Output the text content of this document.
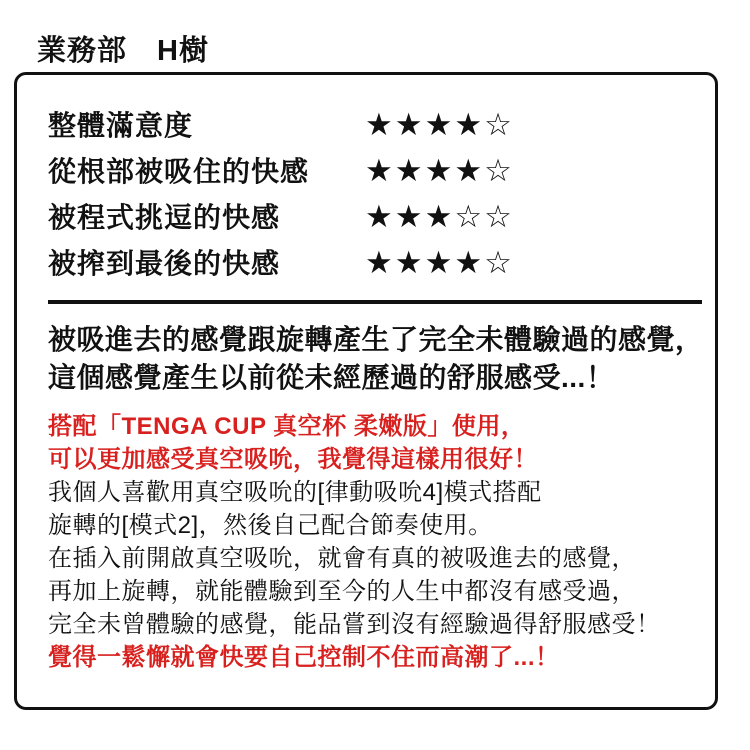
業務部　H樹
整體滿意度	★★★★☆
從根部被吸住的快感	★★★★☆
被程式挑逗的快感	★★★☆☆
被搾到最後的快感	★★★★☆
被吸進去的感覺跟旋轉產生了完全未體驗過的感覺，
這個感覺產生以前從未經歷過的舒服感受...！
搭配「TENGA CUP 真空杯 柔嫩版」使用，
可以更加感受真空吸吮，我覺得這樣用很好！
我個人喜歡用真空吸吮的[律動吸吮4]模式搭配
旋轉的[模式2]，然後自己配合節奏使用。
在插入前開啟真空吸吮，就會有真的被吸進去的感覺，
再加上旋轉，就能體驗到至今的人生中都沒有感受過，
完全未曾體驗的感覺，能品嘗到沒有經驗過得舒服感受！
覺得一鬆懈就會快要自己控制不住而高潮了...！
